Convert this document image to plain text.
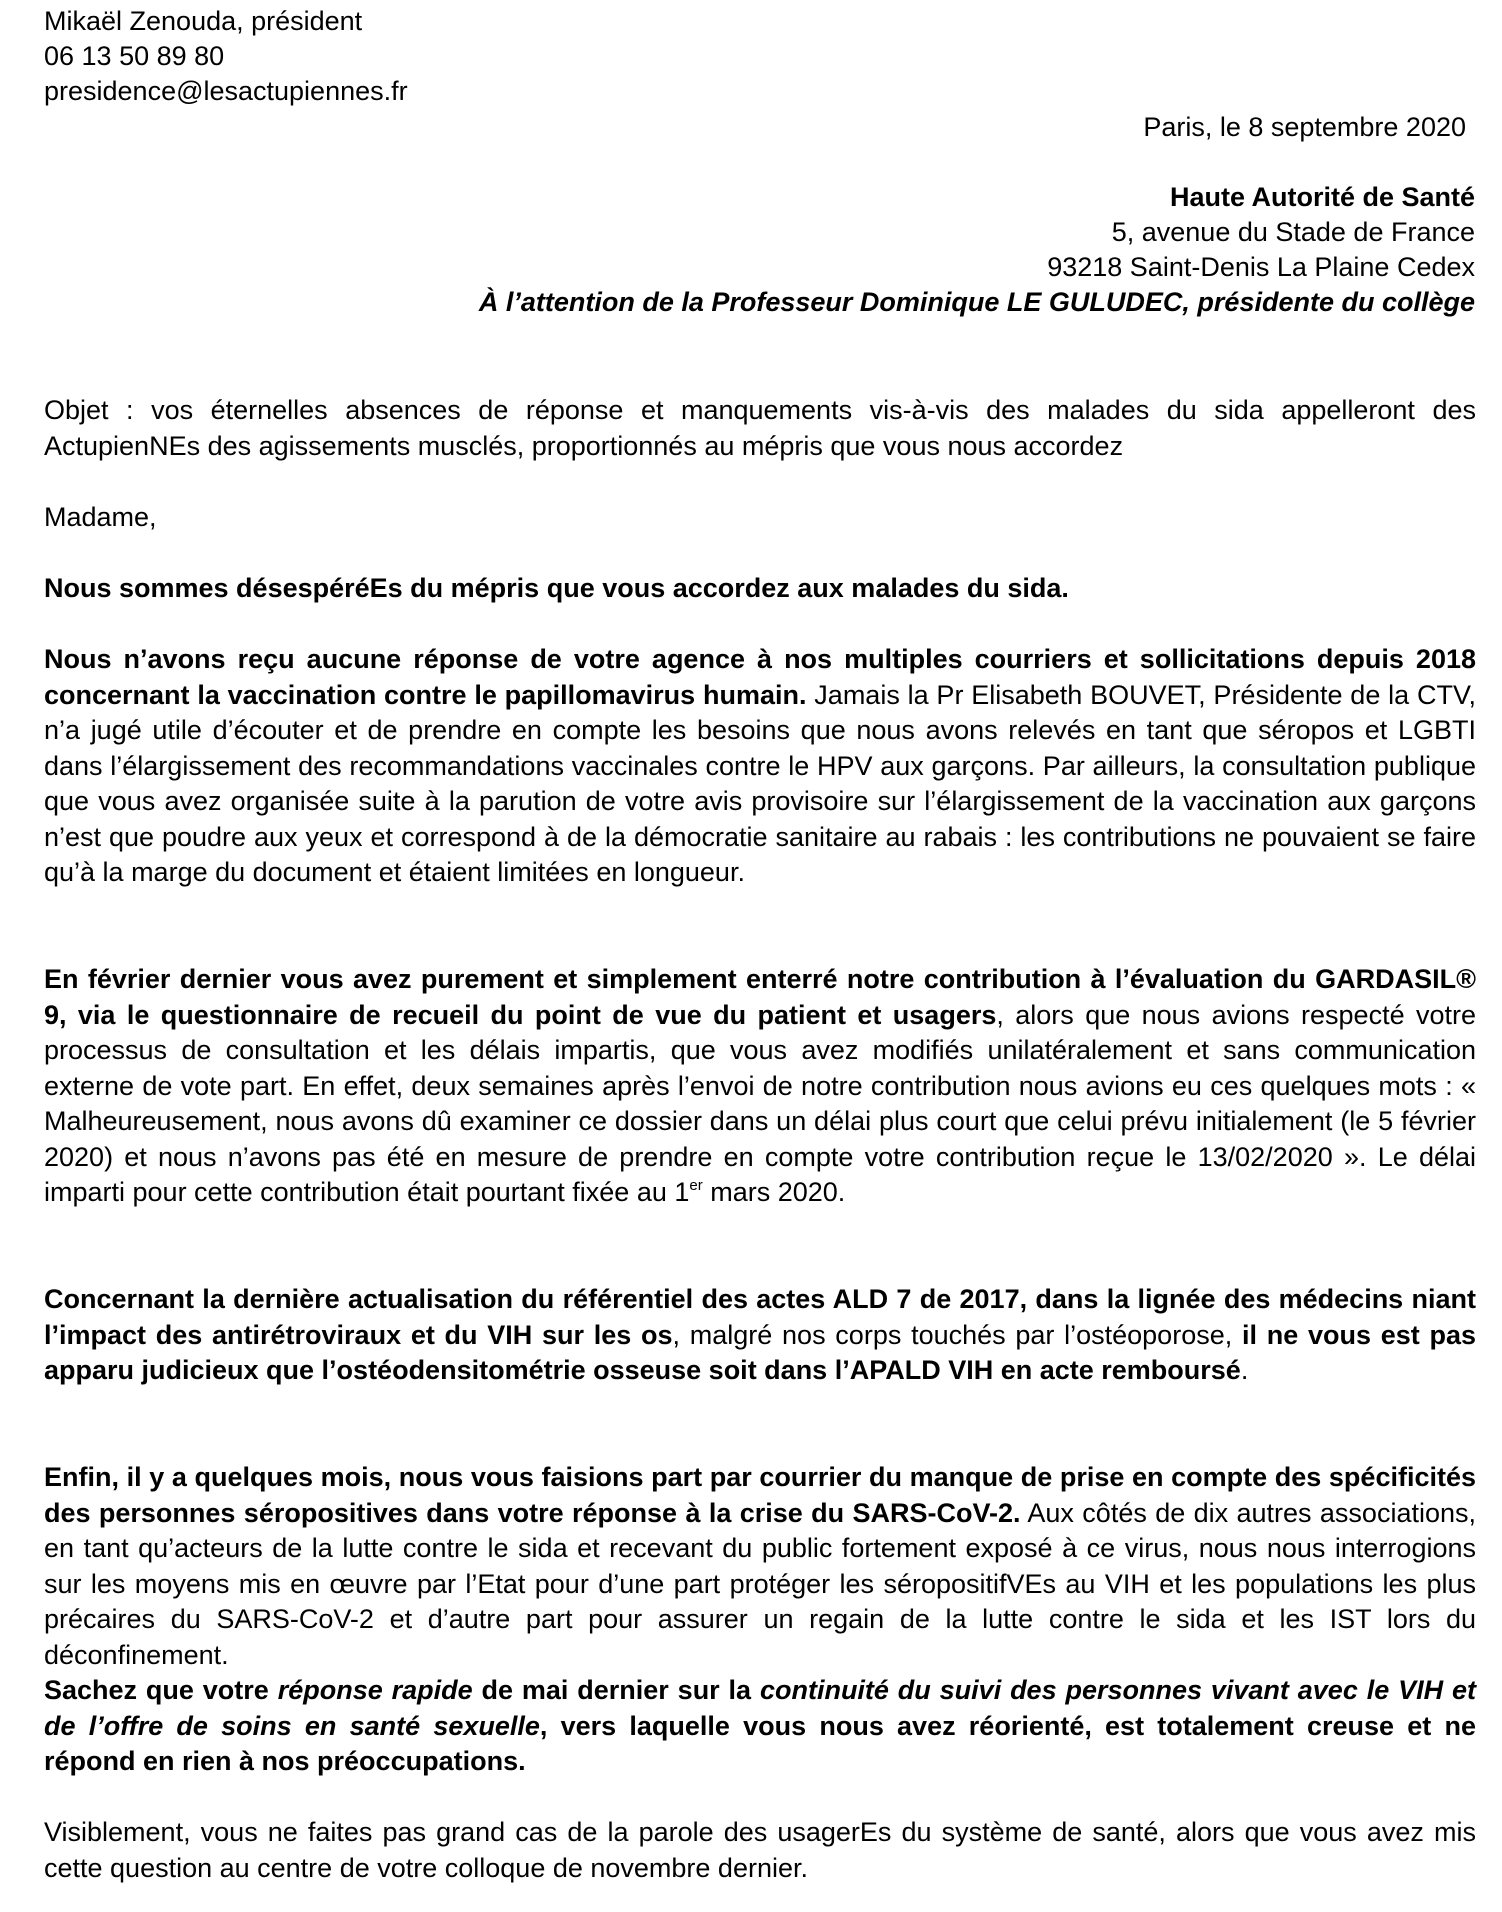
Mikaël Zenouda, président
06 13 50 89 80
presidence@lesactupiennes.fr
Paris, le 8 septembre 2020
Haute Autorité de Santé
5, avenue du Stade de France
93218 Saint-Denis La Plaine Cedex
À l’attention de la Professeur Dominique LE GULUDEC, présidente du collège

Objet : vos éternelles absences de réponse et manquements vis-à-vis des malades du sida appelleront des ActupienNEs des agissements musclés, proportionnés au mépris que vous nous accordez

Madame,

Nous sommes désespéréEs du mépris que vous accordez aux malades du sida.

Nous n’avons reçu aucune réponse de votre agence à nos multiples courriers et sollicitations depuis 2018 concernant la vaccination contre le papillomavirus humain. Jamais la Pr Elisabeth BOUVET, Présidente de la CTV, n’a jugé utile d’écouter et de prendre en compte les besoins que nous avons relevés en tant que séropos et LGBTI dans l’élargissement des recommandations vaccinales contre le HPV aux garçons. Par ailleurs, la consultation publique que vous avez organisée suite à la parution de votre avis provisoire sur l’élargissement de la vaccination aux garçons n’est que poudre aux yeux et correspond à de la démocratie sanitaire au rabais : les contributions ne pouvaient se faire qu’à la marge du document et étaient limitées en longueur.

En février dernier vous avez purement et simplement enterré notre contribution à l’évaluation du GARDASIL® 9, via le questionnaire de recueil du point de vue du patient et usagers, alors que nous avions respecté votre processus de consultation et les délais impartis, que vous avez modifiés unilatéralement et sans communication externe de vote part. En effet, deux semaines après l’envoi de notre contribution nous avions eu ces quelques mots : « Malheureusement, nous avons dû examiner ce dossier dans un délai plus court que celui prévu initialement (le 5 février 2020) et nous n’avons pas été en mesure de prendre en compte votre contribution reçue le 13/02/2020 ». Le délai imparti pour cette contribution était pourtant fixée au 1er mars 2020.

Concernant la dernière actualisation du référentiel des actes ALD 7 de 2017, dans la lignée des médecins niant l’impact des antirétroviraux et du VIH sur les os, malgré nos corps touchés par l’ostéoporose, il ne vous est pas apparu judicieux que l’ostéodensitométrie osseuse soit dans l’APALD VIH en acte remboursé.

Enfin, il y a quelques mois, nous vous faisions part par courrier du manque de prise en compte des spécificités des personnes séropositives dans votre réponse à la crise du SARS-CoV-2. Aux côtés de dix autres associations, en tant qu’acteurs de la lutte contre le sida et recevant du public fortement exposé à ce virus, nous nous interrogions sur les moyens mis en œuvre par l’Etat pour d’une part protéger les séropositifVEs au VIH et les populations les plus précaires du SARS-CoV-2 et d’autre part pour assurer un regain de la lutte contre le sida et les IST lors du déconfinement.

Sachez que votre réponse rapide de mai dernier sur la continuité du suivi des personnes vivant avec le VIH et de l’offre de soins en santé sexuelle, vers laquelle vous nous avez réorienté, est totalement creuse et ne répond en rien à nos préoccupations.

Visiblement, vous ne faites pas grand cas de la parole des usagerEs du système de santé, alors que vous avez mis cette question au centre de votre colloque de novembre dernier.
